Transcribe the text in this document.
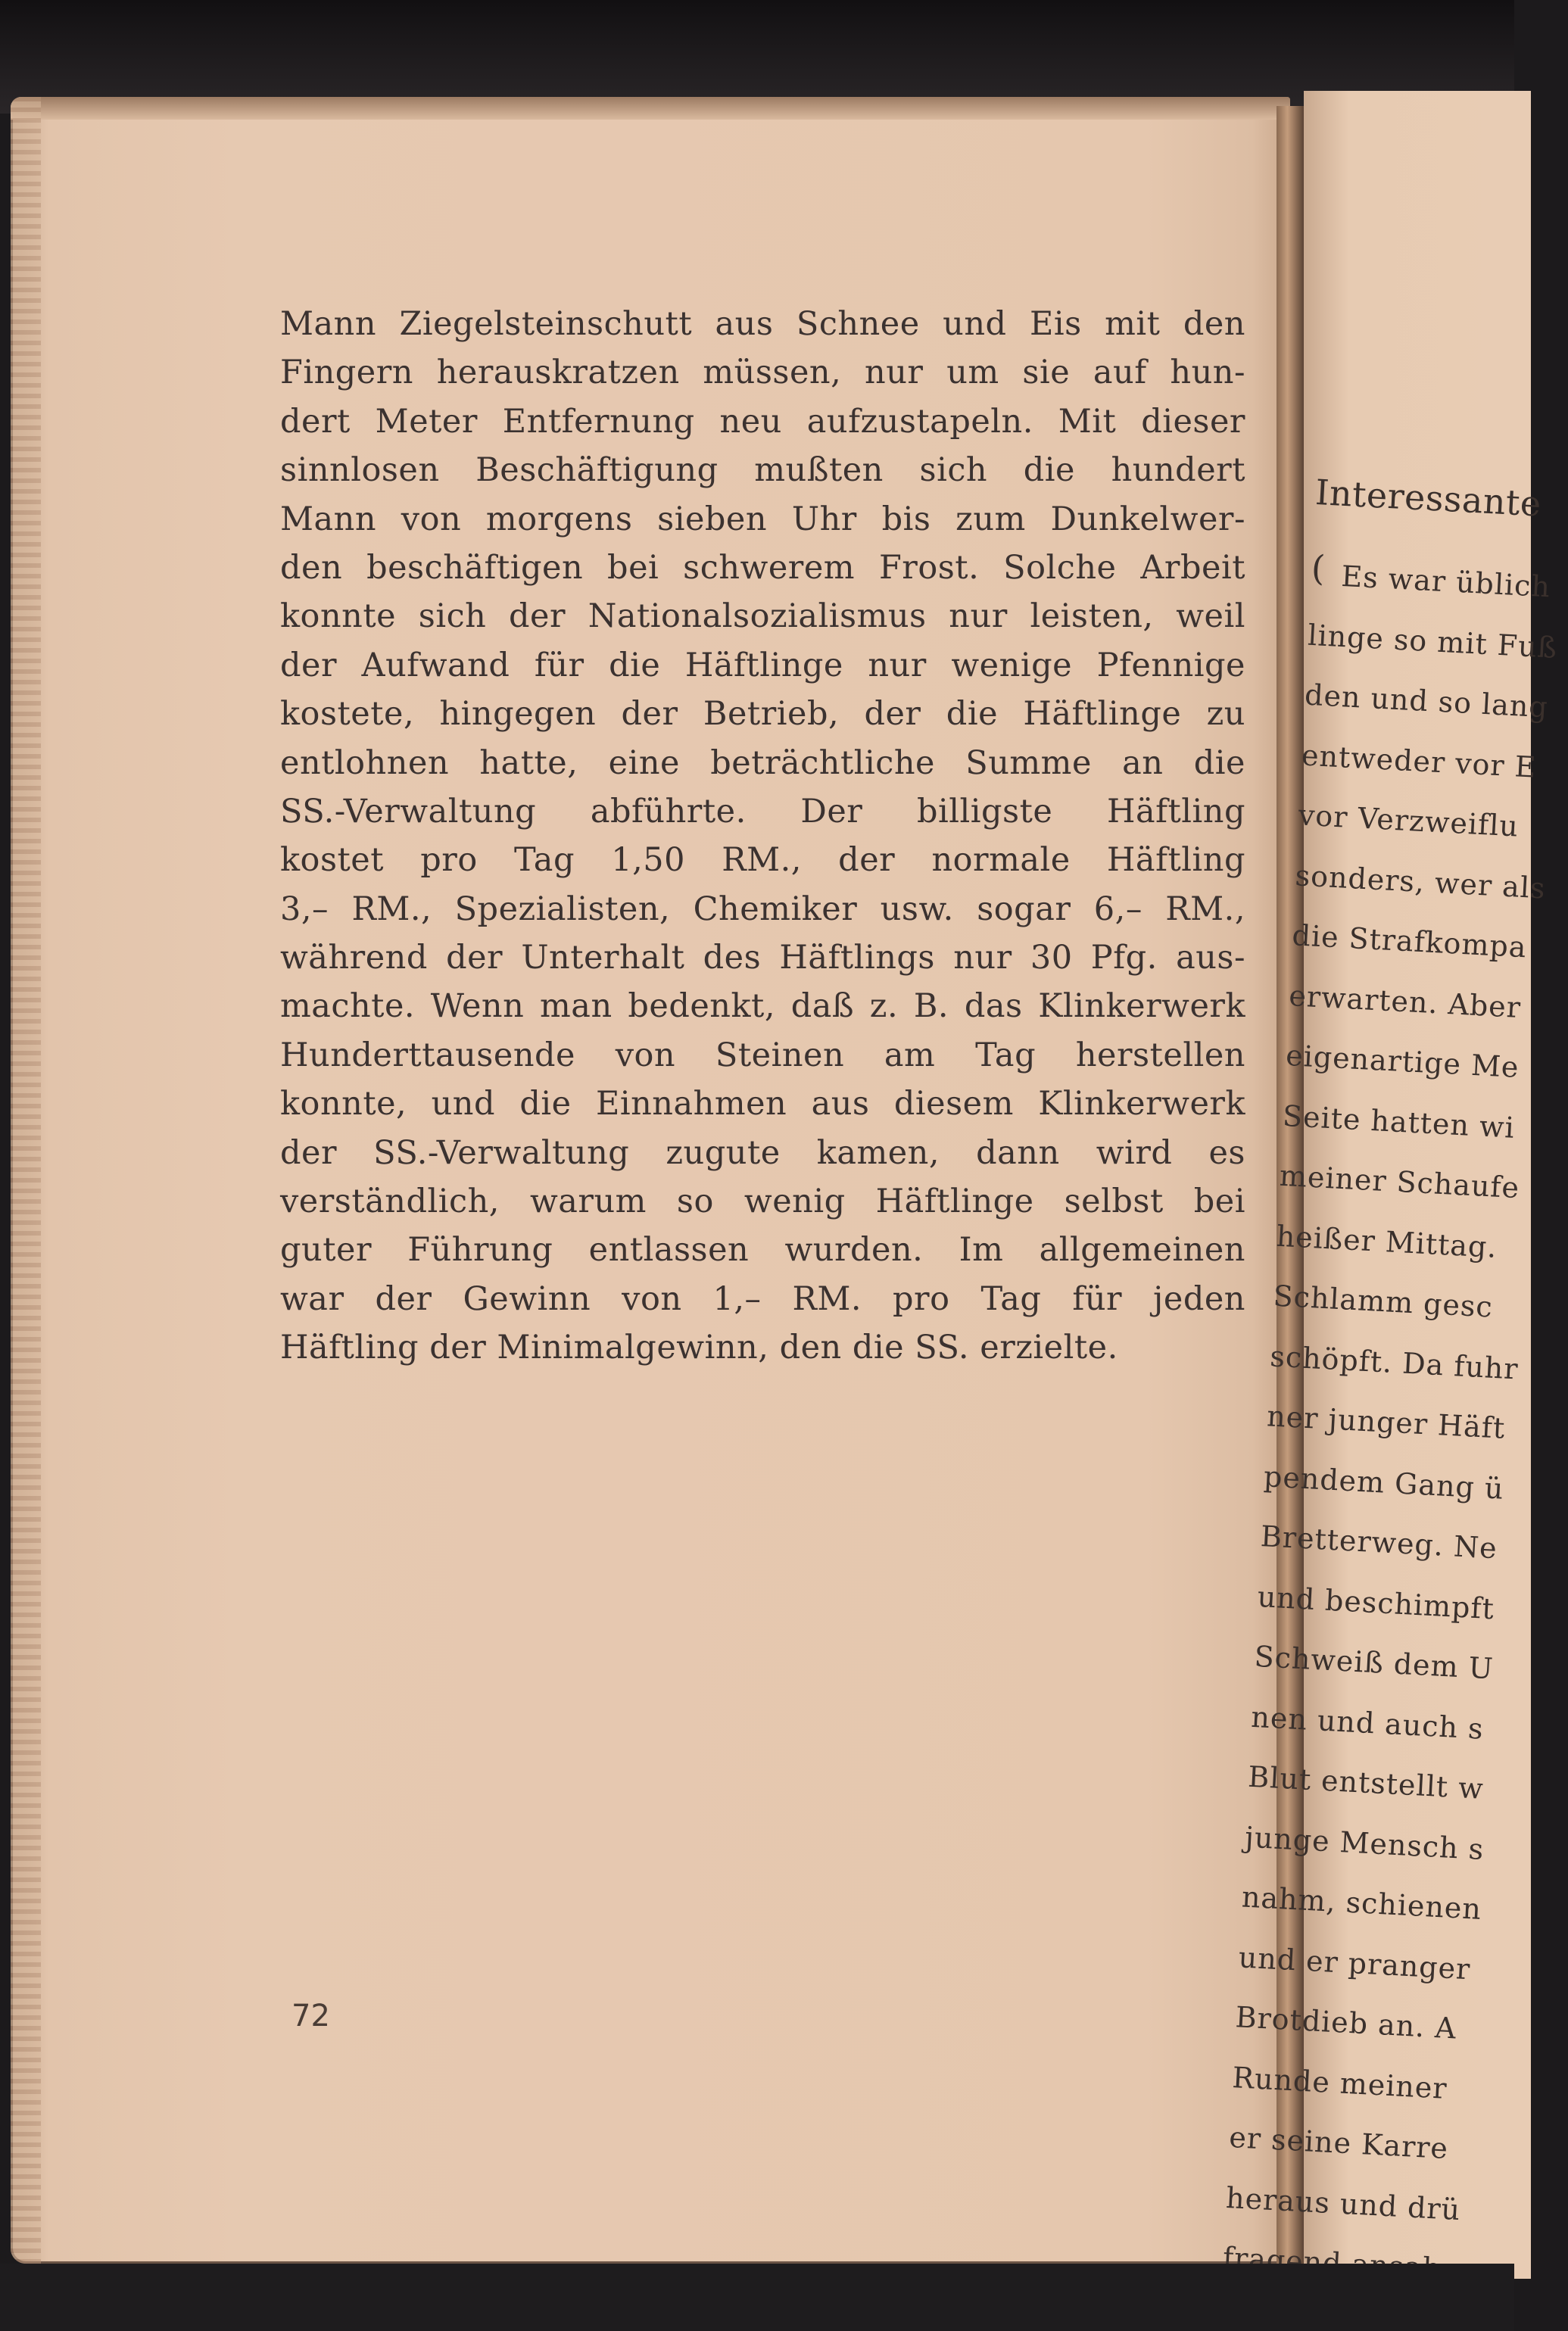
Mann Ziegelsteinschutt aus Schnee und Eis mit den
Fingern herauskratzen müssen, nur um sie auf hun-
dert Meter Entfernung neu aufzustapeln. Mit dieser
sinnlosen Beschäftigung mußten sich die hundert
Mann von morgens sieben Uhr bis zum Dunkelwer-
den beschäftigen bei schwerem Frost. Solche Arbeit
konnte sich der Nationalsozialismus nur leisten, weil
der Aufwand für die Häftlinge nur wenige Pfennige
kostete, hingegen der Betrieb, der die Häftlinge zu
entlohnen hatte, eine beträchtliche Summe an die
SS.-Verwaltung abführte. Der billigste Häftling
kostet pro Tag 1,50 RM., der normale Häftling
3,– RM., Spezialisten, Chemiker usw. sogar 6,– RM.,
während der Unterhalt des Häftlings nur 30 Pfg. aus-
machte. Wenn man bedenkt, daß z. B. das Klinkerwerk
Hunderttausende von Steinen am Tag herstellen
konnte, und die Einnahmen aus diesem Klinkerwerk
der SS.-Verwaltung zugute kamen, dann wird es
verständlich, warum so wenig Häftlinge selbst bei
guter Führung entlassen wurden. Im allgemeinen
war der Gewinn von 1,– RM. pro Tag für jeden
Häftling der Minimalgewinn, den die SS. erzielte.
72
Interessante ( Es war üblich
linge so mit Fuß
den und so lang
entweder vor E
vor Verzweiflu
sonders, wer als
die Strafkompa
erwarten. Aber
eigenartige Me
Seite hatten wi
meiner Schaufe
heißer Mittag.
Schlamm gesc
schöpft. Da fuhr
ner junger Häft
pendem Gang ü
Bretterweg. Ne
und beschimpft
Schweiß dem U
nen und auch s
Blut entstellt w
junge Mensch s
nahm, schienen
und er pranger
Brotdieb an. A
Runde meiner
er seine Karre
heraus und drü
